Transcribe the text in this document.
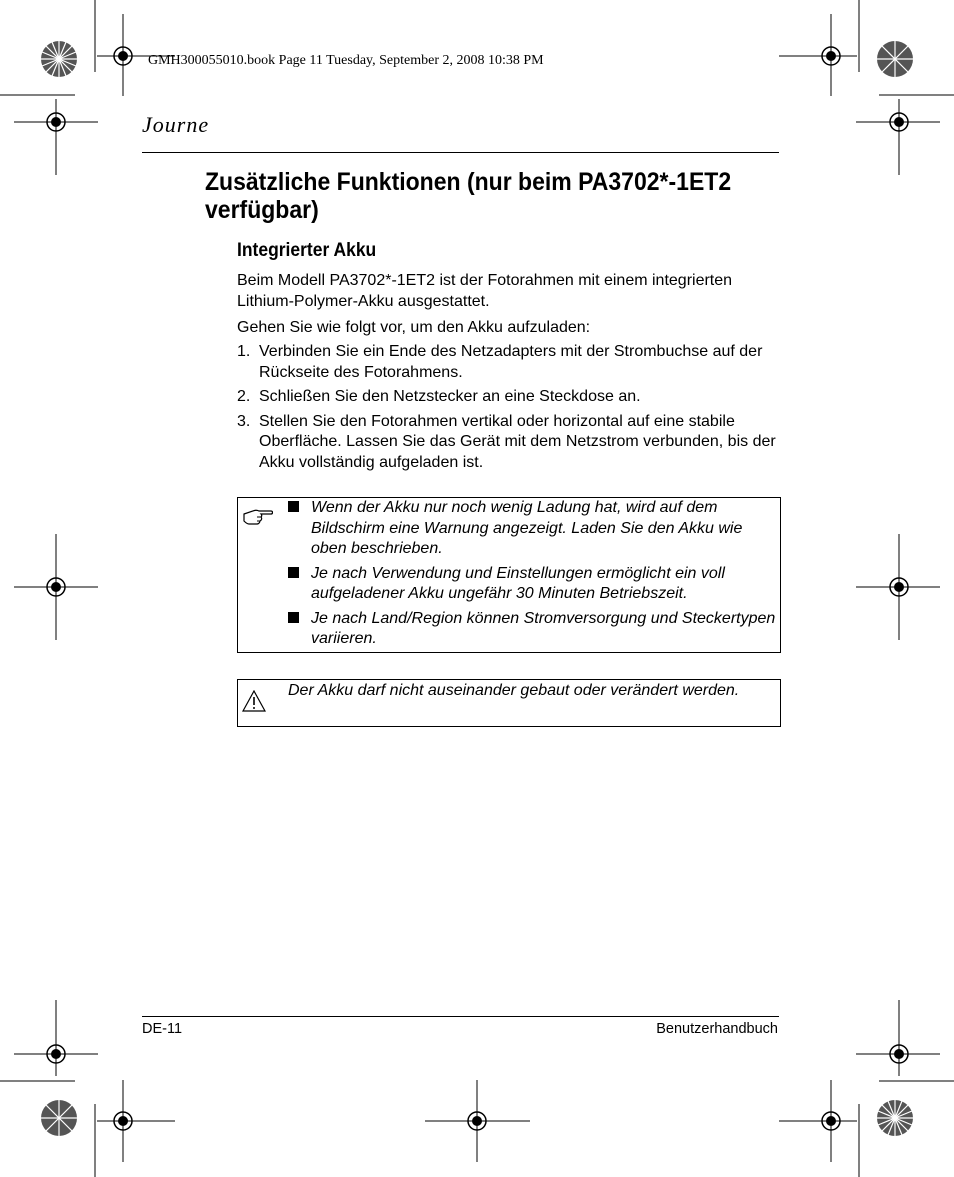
GMH300055010.book Page 11 Tuesday, September 2, 2008 10:38 PM
Journe
Zusätzliche Funktionen (nur beim PA3702*-1ET2 verfügbar)
Integrierter Akku
Beim Modell PA3702*-1ET2 ist der Fotorahmen mit einem integrierten Lithium-Polymer-Akku ausgestattet.
Gehen Sie wie folgt vor, um den Akku aufzuladen:
1. Verbinden Sie ein Ende des Netzadapters mit der Strombuchse auf der Rückseite des Fotorahmens.
2. Schließen Sie den Netzstecker an eine Steckdose an.
3. Stellen Sie den Fotorahmen vertikal oder horizontal auf eine stabile Oberfläche. Lassen Sie das Gerät mit dem Netzstrom verbunden, bis der Akku vollständig aufgeladen ist.
Wenn der Akku nur noch wenig Ladung hat, wird auf dem Bildschirm eine Warnung angezeigt. Laden Sie den Akku wie oben beschrieben.
Je nach Verwendung und Einstellungen ermöglicht ein voll aufgeladener Akku ungefähr 30 Minuten Betriebszeit.
Je nach Land/Region können Stromversorgung und Steckertypen variieren.
Der Akku darf nicht auseinander gebaut oder verändert werden.
DE-11	Benutzerhandbuch
